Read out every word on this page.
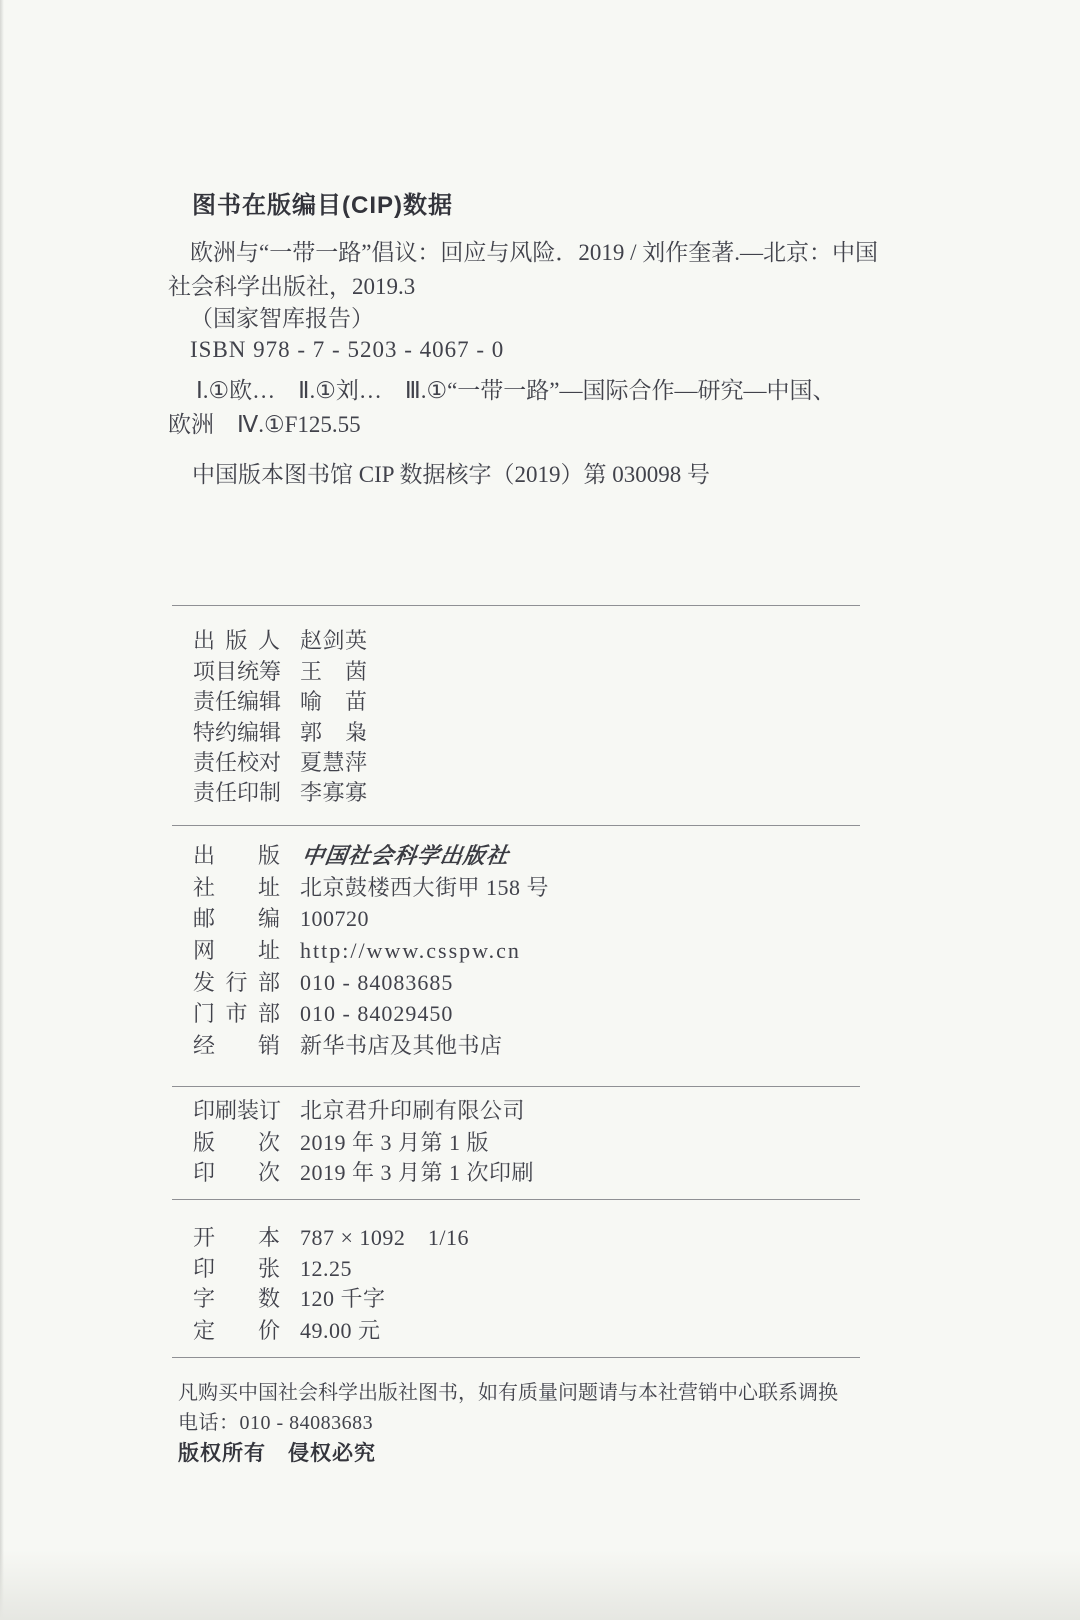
图书在版编目(CIP)数据
欧洲与“一带一路”倡议：回应与风险．2019 / 刘作奎著.—北京：中国
社会科学出版社，2019.3
（国家智库报告）
ISBN 978 - 7 - 5203 - 4067 - 0
Ⅰ.①欧…　Ⅱ.①刘…　Ⅲ.①“一带一路”—国际合作—研究—中国、
欧洲　Ⅳ.①F125.55
中国版本图书馆 CIP 数据核字（2019）第 030098 号
出版人 赵剑英
项目统筹 王　茵
责任编辑 喻　苗
特约编辑 郭　枭
责任校对 夏慧萍
责任印制 李寡寡
出版 中国社会科学出版社
社址 北京鼓楼西大街甲 158 号
邮编 100720
网址 http://www.csspw.cn
发行部 010 - 84083685
门市部 010 - 84029450
经销 新华书店及其他书店
印刷装订 北京君升印刷有限公司
版次 2019 年 3 月第 1 版
印次 2019 年 3 月第 1 次印刷
开本 787 × 1092　1/16
印张 12.25
字数 120 千字
定价 49.00 元
凡购买中国社会科学出版社图书，如有质量问题请与本社营销中心联系调换
电话：010 - 84083683
版权所有　侵权必究
